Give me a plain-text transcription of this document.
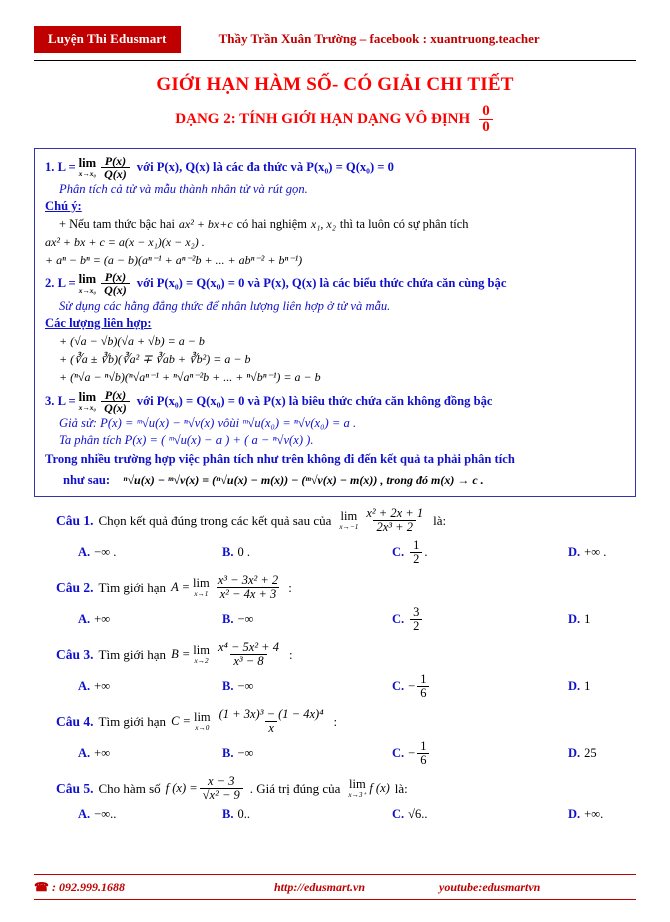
Luyện Thi Edusmart	Thầy Trần Xuân Trường – facebook : xuantruong.teacher
GIỚI HẠN HÀM SỐ- CÓ GIẢI CHI TIẾT
DẠNG 2: TÍNH GIỚI HẠN DẠNG VÔ ĐỊNH $\frac{0}{0}$
1. L = lim
$x\to x_0 \frac{P(x)}{Q(x)}$ với P(x), Q(x) là các đa thức và P(x₀) = Q(x₀) = 0
Phân tích cả tử và mẫu thành nhân tử và rút gọn.
Chú ý:
+ Nếu tam thức bậc hai ax² + bx+c có hai nghiệm x₁, x₂ thì ta luôn có sự phân tích
ax² + bx + c = a(x − x₁)(x − x₂) .
+ aⁿ − bⁿ = (a − b)(aⁿ⁻¹ + aⁿ⁻²b + ... + abⁿ⁻² + bⁿ⁻¹)
2. L = lim
$x\to x_0 \frac{P(x)}{Q(x)}$ với P(x₀) = Q(x₀) = 0 và P(x), Q(x) là các biểu thức chứa căn cùng bậc
Sử dụng các hằng đẳng thức để nhân lượng liên hợp ở tử và mẫu.
Các lượng liên hợp:
+ (√a − √b)(√a + √b) = a − b
+ (∛a ± ∛b)(∛a² ∓ ∛ab + ∛b²) = a − b
+ (ⁿ√a − ⁿ√b)(ⁿ√aⁿ⁻¹ + ⁿ√aⁿ⁻²b + ... + ⁿ√bⁿ⁻¹) = a − b
3. L = lim
$x\to x_0 \frac{P(x)}{Q(x)}$ với P(x₀) = Q(x₀) = 0 và P(x) là biêu thức chứa căn không đồng bậc
Giả sử: P(x) = ᵐ√u(x) − ⁿ√v(x) vôùi ᵐ√u(x₀) = ⁿ√v(x₀) = a .
Ta phân tích P(x) = ( ᵐ√u(x) − a ) + ( a − ⁿ√v(x) ).
Trong nhiều trường hợp việc phân tích như trên không đi đến kết quả ta phải phân tích
như sau: ⁿ√u(x) − ᵐ√v(x) = (ⁿ√u(x) − m(x)) − (ᵐ√v(x) − m(x)) , trong đó m(x) → c .
Câu 1. Chọn kết quả đúng trong các kết quả sau của lim
$x\to-1 \frac{\text{x² + 2x + 1}}{\text{2x³ + 2}}$ là:
A. −∞ .	B. 0 .	C. $\frac{1}{2}$ .	D. +∞ .
Câu 2. Tìm giới hạn A = lim
$x\to 1 \frac{\text{x³ − 3x² + 2}}{\text{x² − 4x + 3}}$ :
A. +∞	B. −∞	C. $\frac{3}{2}$	D. 1
Câu 3. Tìm giới hạn B = lim
$x\to 2 \frac{\text{x⁴ − 5x² + 4}}{\text{x³ − 8}}$ :
A. +∞	B. −∞	C. − $\frac{1}{6}$	D. 1
Câu 4. Tìm giới hạn C = lim
$x\to 0 \frac{\text{(1 + 3x)³ − (1 − 4x)⁴}}{x}$ :
A. +∞	B. −∞	C. − $\frac{1}{6}$	D. 25
Câu 5. Cho hàm số f $(x) = \frac{x - 3}{\text{√x² − 9}}$ . Giá trị đúng của lim
x→3⁺ f (x) là:
A. −∞..	B. 0..	C. √6..	D. +∞.
☎ : 092.999.1688	http://edusmart.vn	youtube:edusmartvn
